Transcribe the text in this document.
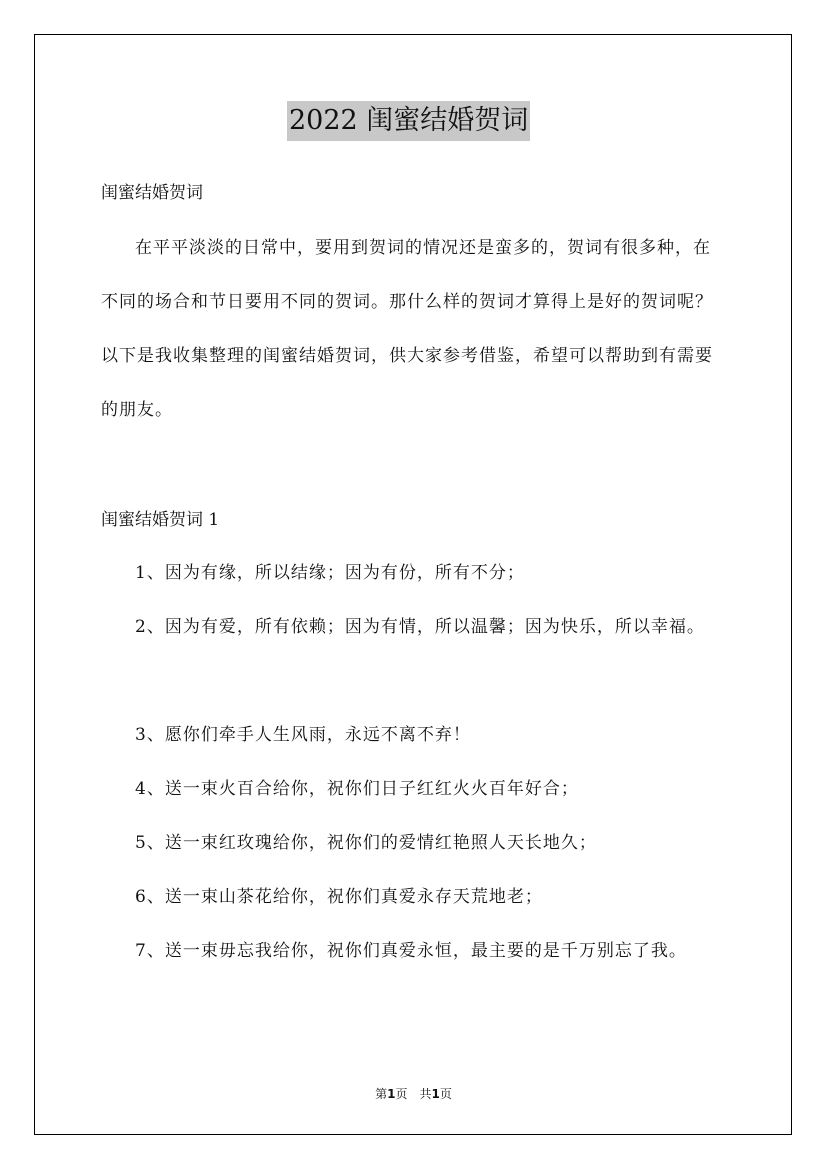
2022 闺蜜结婚贺词
闺蜜结婚贺词

在平平淡淡的日常中，要用到贺词的情况还是蛮多的，贺词有很多种，在不同的场合和节日要用不同的贺词。那什么样的贺词才算得上是好的贺词呢？以下是我收集整理的闺蜜结婚贺词，供大家参考借鉴，希望可以帮助到有需要的朋友。

闺蜜结婚贺词 1

1、因为有缘，所以结缘；因为有份，所有不分；

2、因为有爱，所有依赖；因为有情，所以温馨；因为快乐，所以幸福。

3、愿你们牵手人生风雨，永远不离不弃！

4、送一束火百合给你，祝你们日子红红火火百年好合；

5、送一束红玫瑰给你，祝你们的爱情红艳照人天长地久；

6、送一束山茶花给你，祝你们真爱永存天荒地老；

7、送一束毋忘我给你，祝你们真爱永恒，最主要的是千万别忘了我。

第1页　共1页
